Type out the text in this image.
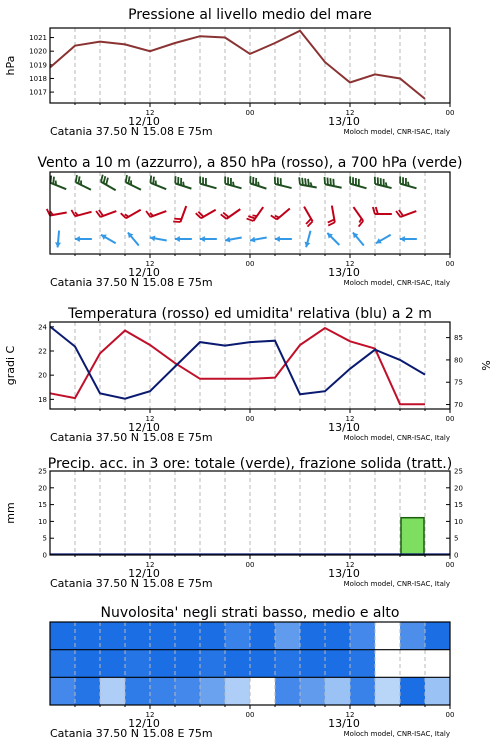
1017
1018
1019
1020
1021
Pressione al livello medio del mare
hPa
12	00	12	00
12/10	13/10
Catania 37.50 N 15.08 E 75m	Moloch model, CNR-ISAC, Italy
Vento a 10 m (azzurro), a 850 hPa (rosso), a 700 hPa (verde)
12	00	12	00
12/10	13/10
Catania 37.50 N 15.08 E 75m	Moloch model, CNR-ISAC, Italy
18
20
22
24
70
75
80
85
Temperatura (rosso) ed umidita' relativa (blu) a 2 m
gradi C	%
12	00	12	00
12/10	13/10
Catania 37.50 N 15.08 E 75m	Moloch model, CNR-ISAC, Italy
0
5
10
15
20
25
0
5
10
15
20
25
Precip. acc. in 3 ore: totale (verde), frazione solida (tratt.)
mm
12	00	12	00
12/10	13/10
Catania 37.50 N 15.08 E 75m	Moloch model, CNR-ISAC, Italy
Nuvolosita' negli strati basso, medio e alto
12	00	12	00
12/10	13/10
Catania 37.50 N 15.08 E 75m	Moloch model, CNR-ISAC, Italy
